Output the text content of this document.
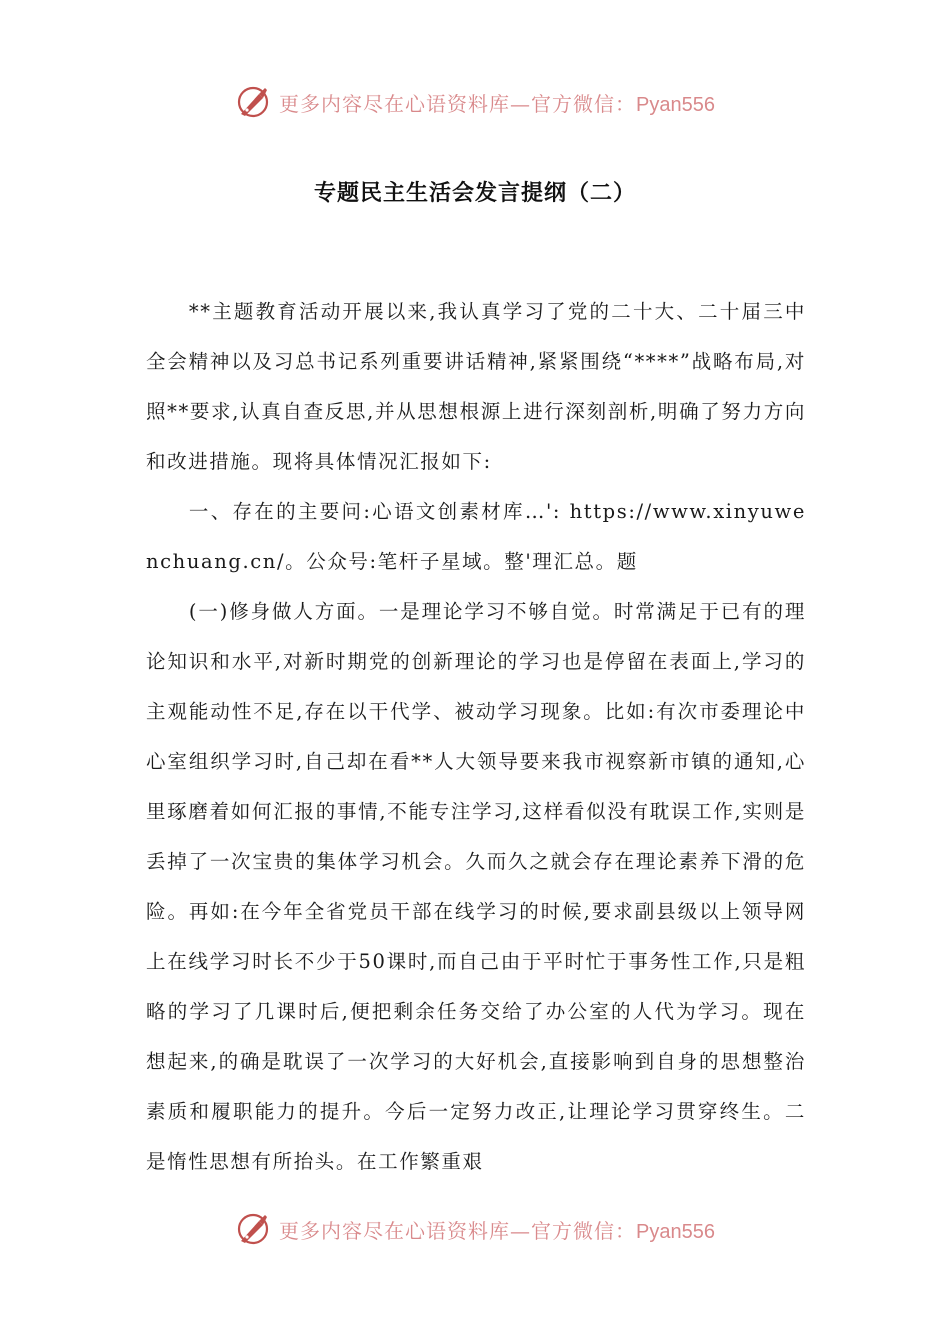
更多内容尽在心语资料库—官方微信：Pyan556
专题民主生活会发言提纲（二）

**主题教育活动开展以来,我认真学习了党的二十大、二十届三中全会精神以及习总书记系列重要讲话精神,紧紧围绕“****”战略布局,对照**要求,认真自查反思,并从思想根源上进行深刻剖析,明确了努力方向和改进措施。现将具体情况汇报如下:

一、存在的主要问:心语文创素材库…': https://www.xinyuwenchuang.cn/。公众号:笔杆子星域。整'理汇总。题

(一)修身做人方面。一是理论学习不够自觉。时常满足于已有的理论知识和水平,对新时期党的创新理论的学习也是停留在表面上,学习的主观能动性不足,存在以干代学、被动学习现象。比如:有次市委理论中心室组织学习时,自己却在看**人大领导要来我市视察新市镇的通知,心里琢磨着如何汇报的事情,不能专注学习,这样看似没有耽误工作,实则是丢掉了一次宝贵的集体学习机会。久而久之就会存在理论素养下滑的危险。再如:在今年全省党员干部在线学习的时候,要求副县级以上领导网上在线学习时长不少于50课时,而自己由于平时忙于事务性工作,只是粗略的学习了几课时后,便把剩余任务交给了办公室的人代为学习。现在想起来,的确是耽误了一次学习的大好机会,直接影响到自身的思想整治素质和履职能力的提升。今后一定努力改正,让理论学习贯穿终生。二是惰性思想有所抬头。在工作繁重艰

更多内容尽在心语资料库—官方微信：Pyan556
